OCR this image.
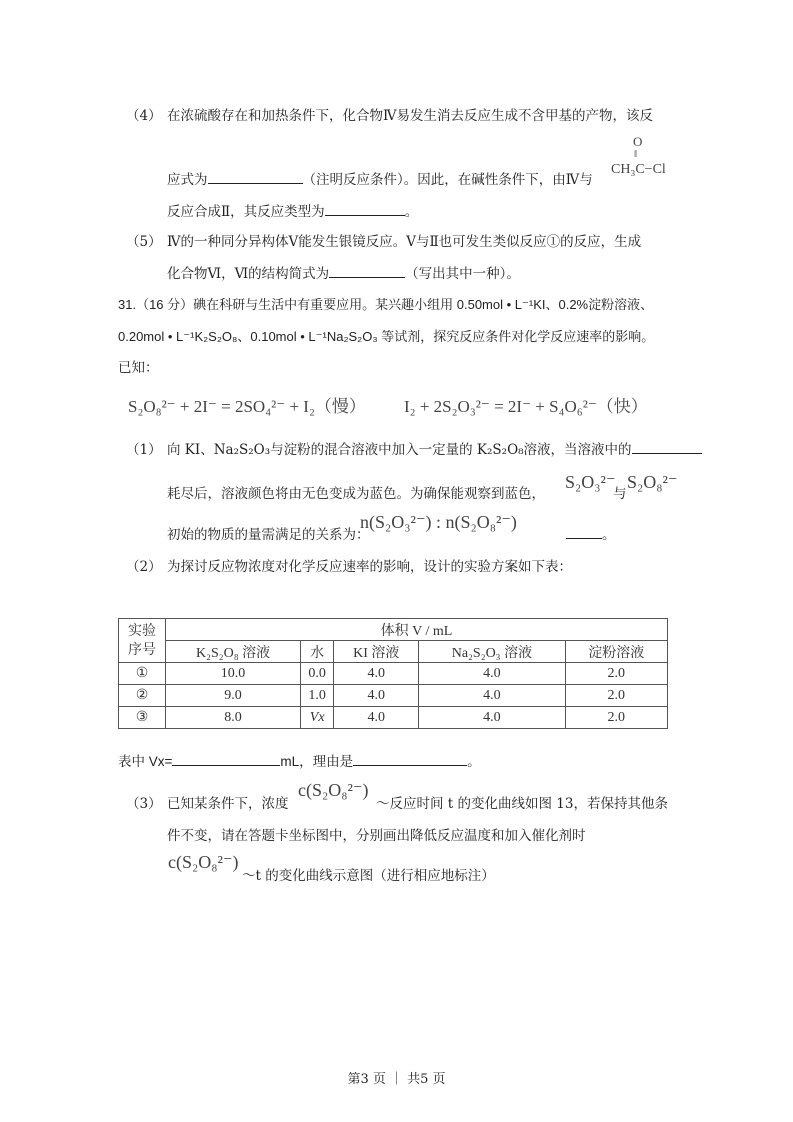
（4） 在浓硫酸存在和加热条件下，化合物Ⅳ易发生消去反应生成不含甲基的产物，该反
O
‖
应式为	（注明反应条件）。因此，在碱性条件下，由Ⅳ与
CH₃C−Cl
反应合成Ⅱ，其反应类型为	。
（5） Ⅳ的一种同分异构体Ⅴ能发生银镜反应。Ⅴ与Ⅱ也可发生类似反应①的反应，生成
化合物Ⅵ，Ⅵ的结构简式为	（写出其中一种）。
31.（16 分）碘在科研与生活中有重要应用。某兴趣小组用 0.50mol • L⁻¹KI、0.2%淀粉溶液、
0.20mol • L⁻¹K₂S₂O₈、0.10mol • L⁻¹Na₂S₂O₃ 等试剂，探究反应条件对化学反应速率的影响。
已知：
S₂O₈²⁻ + 2I⁻ = 2SO₄²⁻ + I₂（慢） I₂ + 2S₂O₃²⁻ = 2I⁻ + S₄O₆²⁻（快）
（1） 向 KI、Na₂S₂O₃与淀粉的混合溶液中加入一定量的 K₂S₂O₈溶液，当溶液中的
耗尽后，溶液颜色将由无色变成为蓝色。为确保能观察到蓝色，
S₂O₃²⁻
与
S₂O₈²⁻
初始的物质的量需满足的关系为：
n(S₂O₃²⁻) : n(S₂O₈²⁻)
。
（2） 为探讨反应物浓度对化学反应速率的影响，设计的实验方案如下表：
实验
序号	体积 V / mL				
	K₂S₂O₈ 溶液	水	KI 溶液	Na₂S₂O₃ 溶液	淀粉溶液
①	10.0	0.0	4.0	4.0	2.0
②	9.0	1.0	4.0	4.0	2.0
③	8.0	Vx	4.0	4.0	2.0
表中 Vx=	mL，理由是	。
（3） 已知某条件下，浓度
c(S₂O₈²⁻)
～反应时间 t 的变化曲线如图 13，若保持其他条
件不变，请在答题卡坐标图中，分别画出降低反应温度和加入催化剂时
c(S₂O₈²⁻)
～t 的变化曲线示意图（进行相应地标注）
第3 页 ｜ 共5 页
